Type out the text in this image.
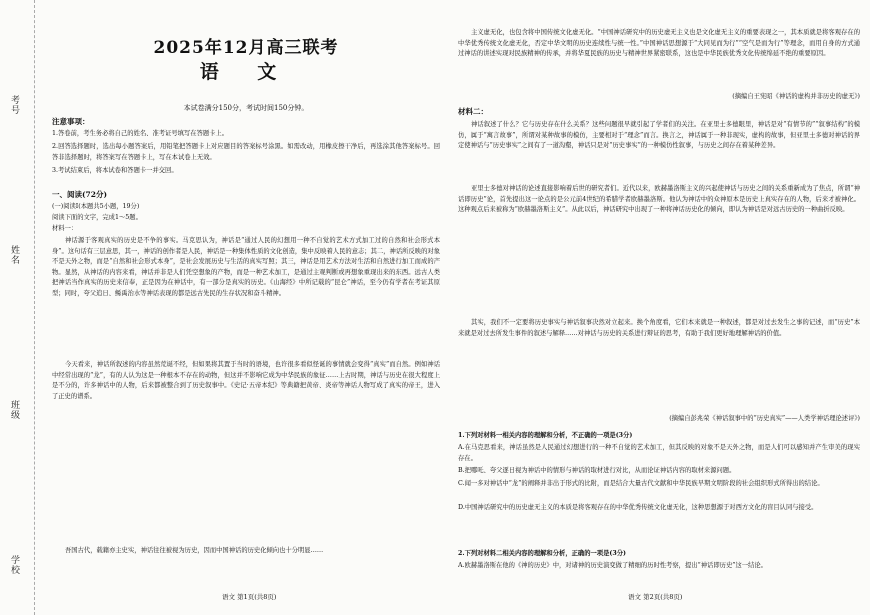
考号
姓名
班级
学校
2025年12月高三联考
语 文
本试卷满分150分，考试时间150分钟。
注意事项：
1.答卷前，考生务必将自己的姓名、准考证号填写在答题卡上。
2.回答选择题时，选出每小题答案后，用铅笔把答题卡上对应题目的答案标号涂黑。如需改动，用橡皮擦干净后，再选涂其他答案标号。回答非选择题时，将答案写在答题卡上，写在本试卷上无效。
3.考试结束后，将本试卷和答题卡一并交回。
一、阅读(72分)
(一)阅读Ⅰ(本题共5小题，19分)
阅读下面的文字，完成1～5题。
材料一：
神话源于客观真实的历史是不争的事实。马克思认为，神话是“通过人民的幻想用一种不自觉的艺术方式加工过的自然和社会形式本身”。这句话有三层意思，其一，神话的创作者是人民，神话是一种集体性质的文化创造，集中反映着人民的意志；其二，神话所反映的对象不是天外之物，而是“自然和社会形式本身”，是社会发展历史与生活的真实写照；其三，神话是用艺术方法对生活和自然进行加工而成的产物。显然，从神话的内容来看，神话并非是人们凭空想象的产物，而是一种艺术加工，是通过主观判断或再想象重现出来的东西。远古人类把神话当作真实的历史来信奉，正是因为在神话中，有一部分是真实的历史。《山海经》中所记载的“昆仑”神话，至今仍有学者在考证其原型；同时，夸父追日、鲧禹治水等神话表现的都是远古先民的生存状况和奋斗精神。
今天看来，神话所叙述的内容虽然荒诞不经，但如果将其置于当时的语境，也许很多看似怪诞的事情就会变得“真实”而自然。例如神话中经常出现的“龙”，有的人认为这是一种根本不存在的动物，但这并不影响它成为中华民族的象征……上古时期，神话与历史在很大程度上是不分的，许多神话中的人物，后来都被整合到了历史叙事中。《史记·五帝本纪》等典籍把黄帝、炎帝等神话人物写成了真实的帝王，进入了正史的谱系。
吾国古代，载籍亦主史实，神话往往被视为历史，因而中国神话的历史化倾向也十分明显……
语文 第1页(共8页)
主义虚无化，也包含将中国传统文化虚无化。“中国神话研究中的历史虚无主义也是文化虚无主义的重要表现之一，其本质就是将客观存在的中华优秀传统文化虚无化，否定中华文明的历史连续性与统一性。”中国神话思想源于“大同见而为行”“空气是而为行”等理念，而用自身的方式通过神话的讲述实现对民族精神的传承，并将华夏民族的历史与精神世界紧密联系，这也是中华民族优秀文化传统绵延不绝的重要原因。
(摘编自王宪昭《神话的虚构并非历史的虚无》)
材料二：
神话叙述了什么？它与历史存在什么关系？这些问题很早就引起了学者们的关注。在亚里士多德眼里，神话是对“有情节的”“叙事结构”的模仿，属于“寓言故事”，所谓对某种故事的模仿，主要相对于“理念”而言。换言之，神话属于一种非现实，虚构的故事，但亚里士多德对神话的界定使神话与“历史事实”之间有了一道沟壑，神话只是对“历史事实”的一种模仿性叙事，与历史之间存在着某种差异。
亚里士多德对神话的论述直接影响着后世的研究者们。近代以来，欧赫墨洛斯主义的兴起使神话与历史之间的关系重新成为了焦点，所谓“神话即历史”论，首先提出这一论点的是公元前4世纪的希腊学者欧赫墨洛斯。他认为神话中的众神原本是历史上真实存在的人物，后来才被神化。这种观点后来被称为“欧赫墨洛斯主义”。从此以后，神话研究中出现了一种将神话历史化的倾向，即认为神话是对远古历史的一种曲折反映。
其实，我们不一定要将历史事实与神话叙事决然对立起来。换个角度看，它们本来就是一种叙述，都是对过去发生之事的记述，而“历史”本来就是对过去所发生事件的叙述与解释……对神话与历史的关系进行辩证的思考，有助于我们更好地理解神话的价值。
(摘编自彭兆荣《神话叙事中的“历史真实”——人类学神话理论述评》)
1.下列对材料一相关内容的理解和分析，不正确的一项是(3分)
A.在马克思看来，神话虽然是人民通过幻想进行的一种不自觉的艺术加工，但其反映的对象不是天外之物，而是人们可以感知并产生审美的现实存在。
B.把哪吒、夸父逐日视为神话中的情形与神话的取材进行对比，从而论证神话内容的取材来源问题。
C.闻一多对神话中“龙”的阐释并非出于形式的比附，而是结合大量古代文献和中华民族早期文明阶段的社会组织形式所得出的结论。
D.中国神话研究中的历史虚无主义的本质是将客观存在的中华优秀传统文化虚无化，这种思想源于对西方文化的盲目认同与接受。
2.下列对材料二相关内容的理解和分析，正确的一项是(3分)
A.欧赫墨洛斯在他的《神的历史》中，对诸神的历史演变做了精细的历时性考察，提出“神话即历史”这一结论。
语文 第2页(共8页)
